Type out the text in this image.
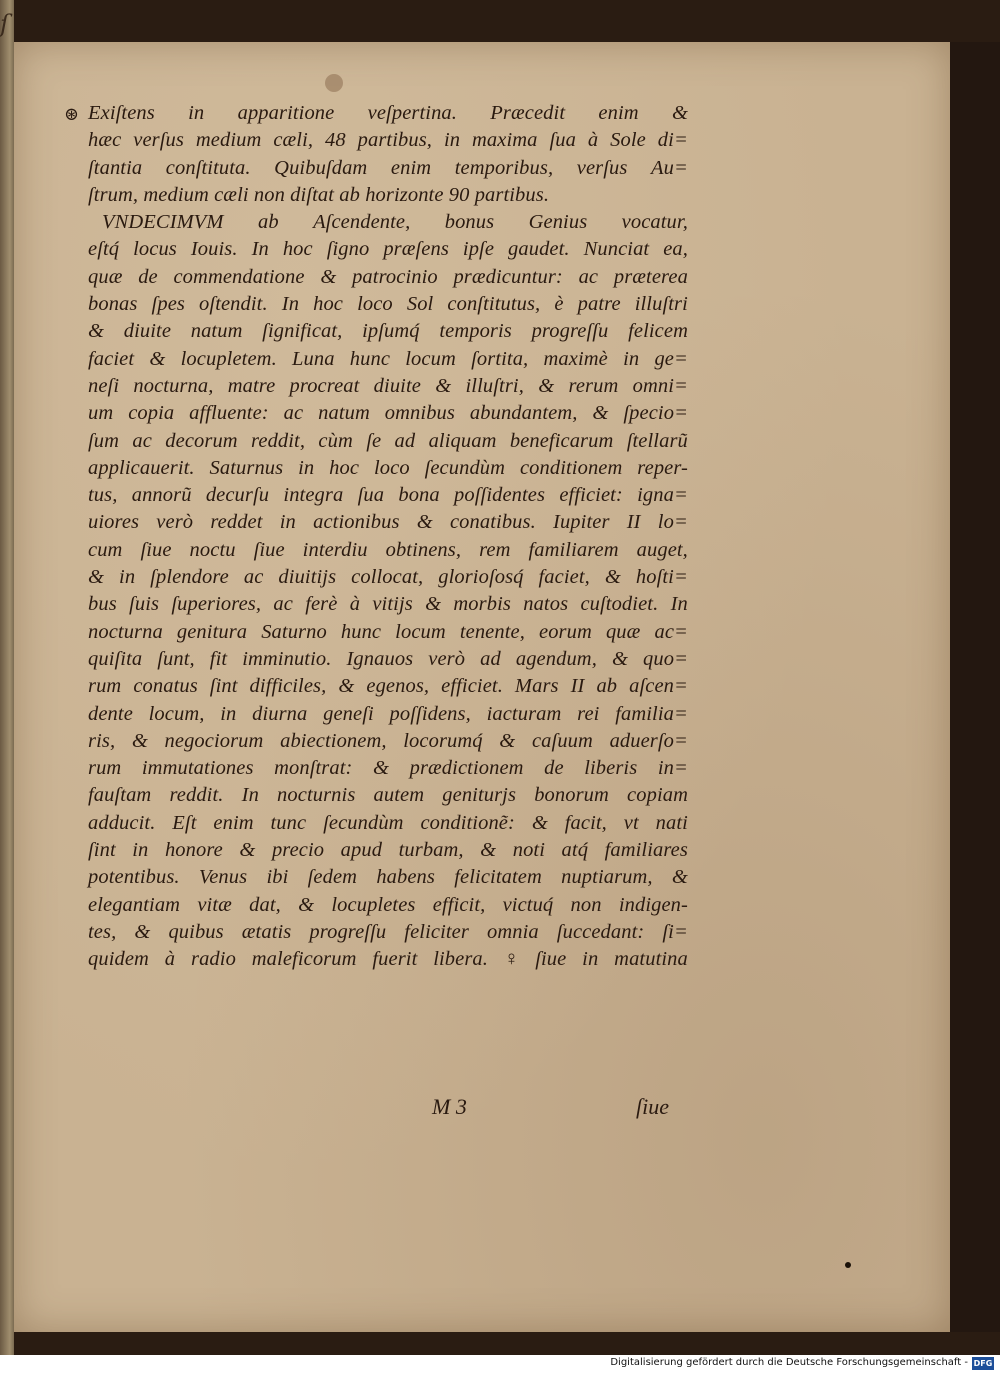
ſ
⊛ Exiſtens in apparitione veſpertina. Præcedit enim &
hæc verſus medium cæli, 48 partibus, in maxima ſua à Sole di=
ſtantia conſtituta. Quibuſdam enim temporibus, verſus Au=
ſtrum, medium cæli non diſtat ab horizonte 90 partibus.
VNDECIMVM ab Aſcendente, bonus Genius vocatur,
eſtq́ locus Iouis. In hoc ſigno præſens ipſe gaudet. Nunciat ea,
quæ de commendatione & patrocinio prædicuntur: ac præterea
bonas ſpes oſtendit. In hoc loco Sol conſtitutus, è patre illuſtri
& diuite natum ſignificat, ipſumq́ temporis progreſſu felicem
faciet & locupletem. Luna hunc locum ſortita, maximè in ge=
neſi nocturna, matre procreat diuite & illuſtri, & rerum omni=
um copia affluente: ac natum omnibus abundantem, & ſpecio=
ſum ac decorum reddit, cùm ſe ad aliquam beneficarum ſtellarũ
applicauerit. Saturnus in hoc loco ſecundùm conditionem reper-
tus, annorũ decurſu integra ſua bona poſſidentes efficiet: igna=
uiores verò reddet in actionibus & conatibus. Iupiter II lo=
cum ſiue noctu ſiue interdiu obtinens, rem familiarem auget,
& in ſplendore ac diuitijs collocat, glorioſosq́ faciet, & hoſti=
bus ſuis ſuperiores, ac ferè à vitijs & morbis natos cuſtodiet. In
nocturna genitura Saturno hunc locum tenente, eorum quæ ac=
quiſita ſunt, fit imminutio. Ignauos verò ad agendum, & quo=
rum conatus ſint difficiles, & egenos, efficiet. Mars II ab aſcen=
dente locum, in diurna geneſi poſſidens, iacturam rei familia=
ris, & negociorum abiectionem, locorumq́ & caſuum aduerſo=
rum immutationes monſtrat: & prædictionem de liberis in=
fauſtam reddit. In nocturnis autem geniturjs bonorum copiam
adducit. Eſt enim tunc ſecundùm conditionẽ: & facit, vt nati
ſint in honore & precio apud turbam, & noti atq́ familiares
potentibus. Venus ibi ſedem habens felicitatem nuptiarum, &
elegantiam vitæ dat, & locupletes efficit, victuq́ non indigen-
tes, & quibus ætatis progreſſu feliciter omnia ſuccedant: ſi=
quidem à radio maleficorum fuerit libera. ♀ ſiue in matutina
M 3	ſiue
Digitalisierung gefördert durch die Deutsche Forschungsgemeinschaft - DFG
